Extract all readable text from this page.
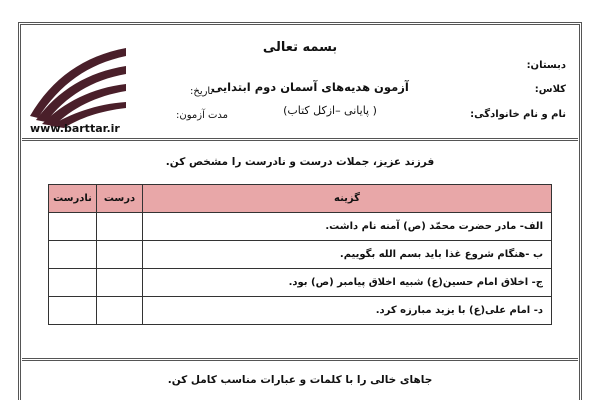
بسمه تعالی
دبستان:
آزمون هدیه‌های آسمان دوم ابتدایی	کلاس:
تاریخ:
( پایانی –ازکل کتاب)	نام و نام خانوادگی:
مدت آزمون:
www.barttar.ir
فرزند عزیز، جملات درست و نادرست را مشخص کن.
گزینه	درست	نادرست
الف- مادر حضرت محمّد (ص) آمنه نام داشت.		
ب -هنگام شروع غذا باید بسم الله بگوییم.		
ج- اخلاق امام حسین(ع) شبیه اخلاق پیامبر (ص) بود.		
د- امام علی(ع) با یزید مبارزه کرد.		
جاهای خالی را با کلمات و عبارات مناسب کامل کن.
